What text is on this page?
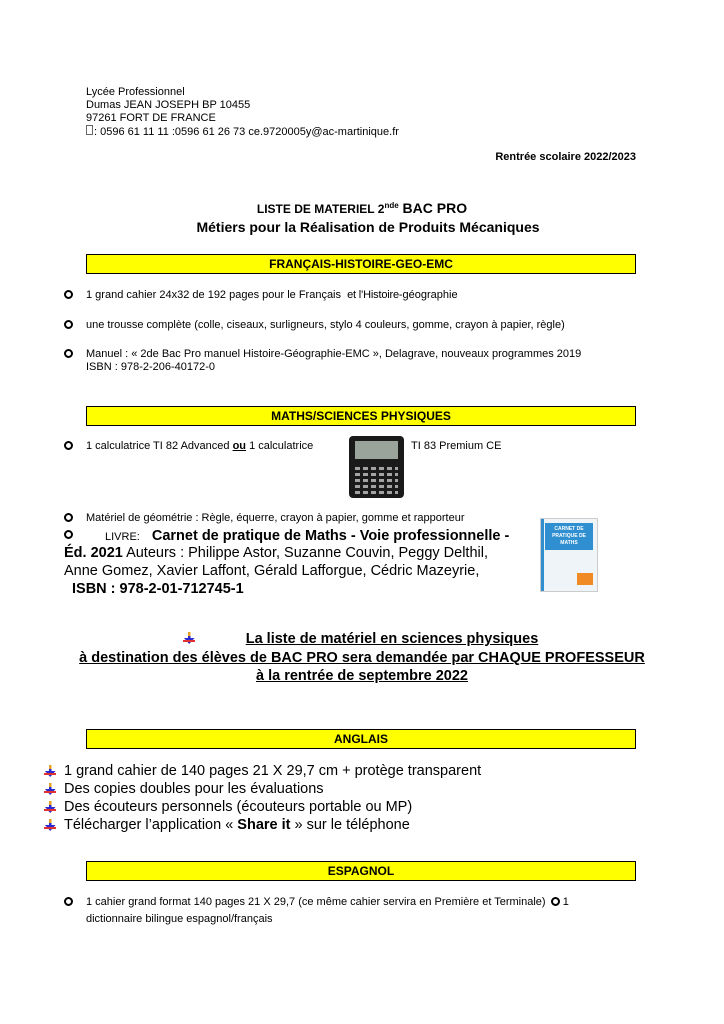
Lycée Professionnel
Dumas JEAN JOSEPH BP 10455
97261 FORT DE FRANCE
: 0596 61 11 11 :0596 61 26 73 ce.9720005y@ac-martinique.fr
Rentrée scolaire 2022/2023
LISTE DE MATERIEL 2nde BAC PRO
Métiers pour la Réalisation de Produits Mécaniques
FRANÇAIS-HISTOIRE-GEO-EMC
1 grand cahier 24x32 de 192 pages pour le Français et l’Histoire-géographie
une trousse complète (colle, ciseaux, surligneurs, stylo 4 couleurs, gomme, crayon à papier, règle)
Manuel : « 2de Bac Pro manuel Histoire-Géographie-EMC », Delagrave, nouveaux programmes 2019
ISBN : 978-2-206-40172-0
MATHS/SCIENCES PHYSIQUES
1 calculatrice TI 82 Advanced ou 1 calculatrice	TI 83 Premium CE
Matériel de géométrie : Règle, équerre, crayon à papier, gomme et rapporteur
LIVRE: Carnet de pratique de Maths - Voie professionnelle -
Éd. 2021 Auteurs : Philippe Astor, Suzanne Couvin, Peggy Delthil,
Anne Gomez, Xavier Laffont, Gérald Lafforgue, Cédric Mazeyrie,
ISBN : 978-2-01-712745-1
CARNET DE PRATIQUE DE MATHS
La liste de matériel en sciences physiques
à destination des élèves de BAC PRO sera demandée par CHAQUE PROFESSEUR
à la rentrée de septembre 2022
ANGLAIS
1 grand cahier de 140 pages 21 X 29,7 cm + protège transparent
Des copies doubles pour les évaluations
Des écouteurs personnels (écouteurs portable ou MP)
Télécharger l’application « Share it » sur le téléphone
ESPAGNOL
1 cahier grand format 140 pages 21 X 29,7 (ce même cahier servira en Première et Terminale)  1
dictionnaire bilingue espagnol/français
